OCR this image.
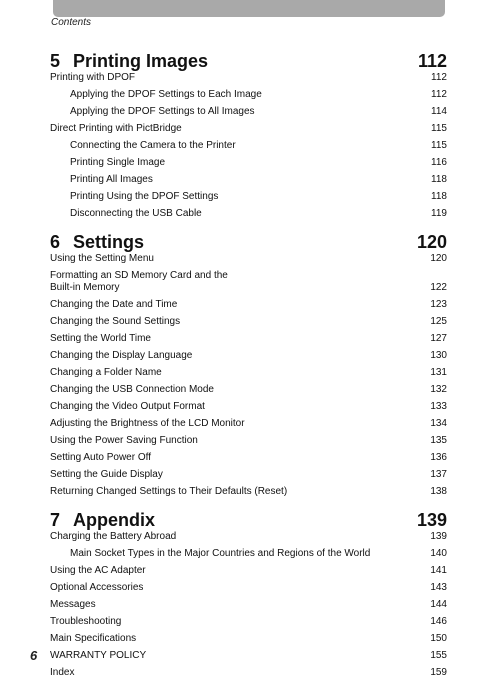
Contents
5 Printing Images	112
Printing with DPOF	112
Applying the DPOF Settings to Each Image	112
Applying the DPOF Settings to All Images	114
Direct Printing with PictBridge	115
Connecting the Camera to the Printer	115
Printing Single Image	116
Printing All Images	118
Printing Using the DPOF Settings	118
Disconnecting the USB Cable	119
6 Settings	120
Using the Setting Menu	120
Formatting an SD Memory Card and the
Built-in Memory	122
Changing the Date and Time	123
Changing the Sound Settings	125
Setting the World Time	127
Changing the Display Language	130
Changing a Folder Name	131
Changing the USB Connection Mode	132
Changing the Video Output Format	133
Adjusting the Brightness of the LCD Monitor	134
Using the Power Saving Function	135
Setting Auto Power Off	136
Setting the Guide Display	137
Returning Changed Settings to Their Defaults (Reset)	138
7 Appendix	139
Charging the Battery Abroad	139
Main Socket Types in the Major Countries and Regions of the World	140
Using the AC Adapter	141
Optional Accessories	143
Messages	144
Troubleshooting	146
Main Specifications	150
WARRANTY POLICY	155
Index	159
6
